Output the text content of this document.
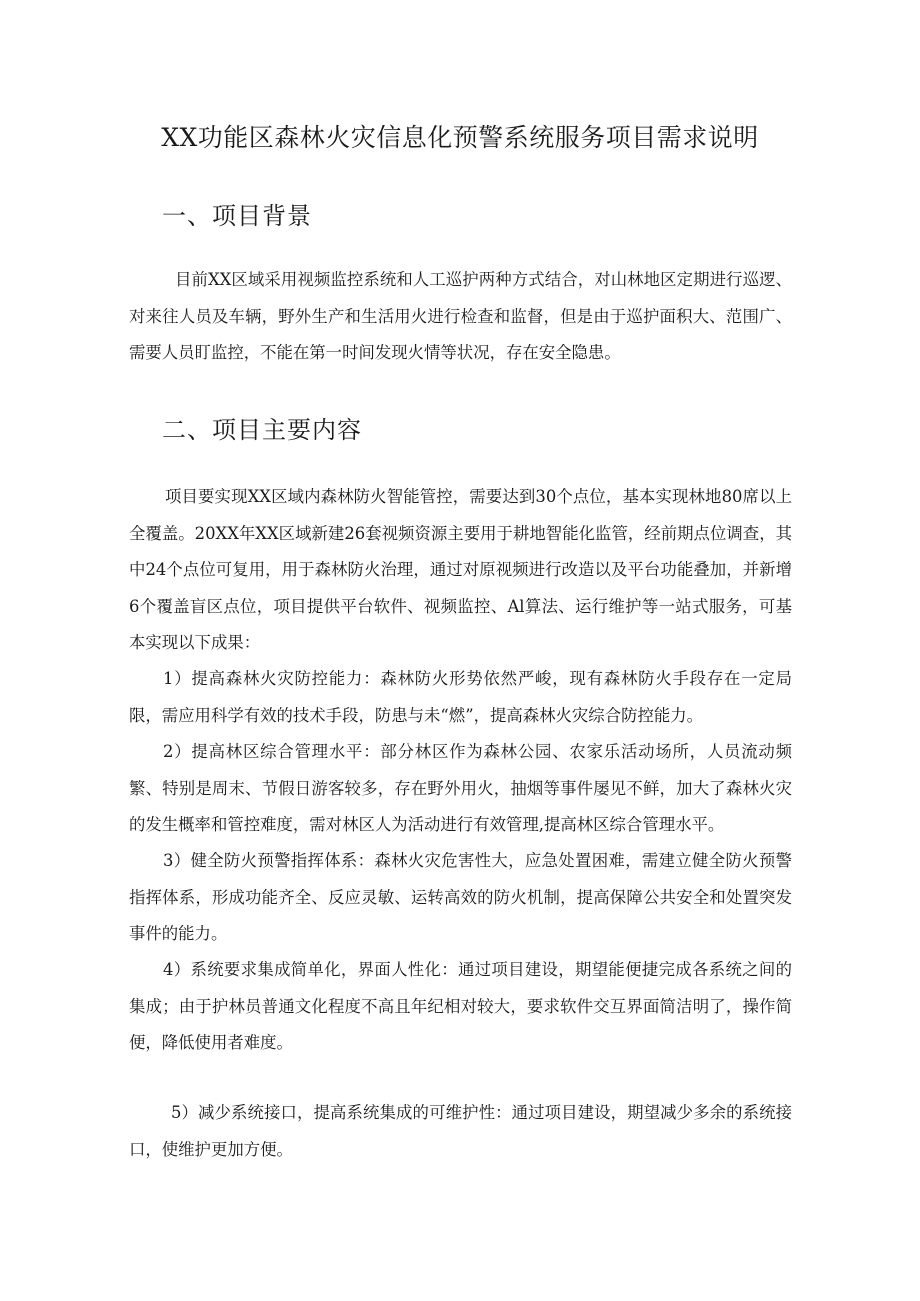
XX功能区森林火灾信息化预警系统服务项目需求说明
一、项目背景

目前XX区域采用视频监控系统和人工巡护两种方式结合，对山林地区定期进行巡逻、对来往人员及车辆，野外生产和生活用火进行检查和监督，但是由于巡护面积大、范围广、需要人员盯监控，不能在第一时间发现火情等状况，存在安全隐患。

二、项目主要内容

项目要实现XX区域内森林防火智能管控，需要达到30个点位，基本实现林地80席以上全覆盖。20XX年XX区域新建26套视频资源主要用于耕地智能化监管，经前期点位调查，其中24个点位可复用，用于森林防火治理，通过对原视频进行改造以及平台功能叠加，并新增6个覆盖盲区点位，项目提供平台软件、视频监控、Al算法、运行维护等一站式服务，可基本实现以下成果：

1）提高森林火灾防控能力：森林防火形势依然严峻，现有森林防火手段存在一定局限，需应用科学有效的技术手段，防患与未“燃”，提高森林火灾综合防控能力。

2）提高林区综合管理水平：部分林区作为森林公园、农家乐活动场所，人员流动频繁、特别是周末、节假日游客较多，存在野外用火，抽烟等事件屡见不鲜，加大了森林火灾的发生概率和管控难度，需对林区人为活动进行有效管理,提高林区综合管理水平。

3）健全防火预警指挥体系：森林火灾危害性大，应急处置困难，需建立健全防火预警指挥体系，形成功能齐全、反应灵敏、运转高效的防火机制，提高保障公共安全和处置突发事件的能力。

4）系统要求集成简单化，界面人性化：通过项目建设，期望能便捷完成各系统之间的集成；由于护林员普通文化程度不高且年纪相对较大，要求软件交互界面简洁明了，操作简便，降低使用者难度。

5）减少系统接口，提高系统集成的可维护性：通过项目建设，期望减少多余的系统接口，使维护更加方便。
